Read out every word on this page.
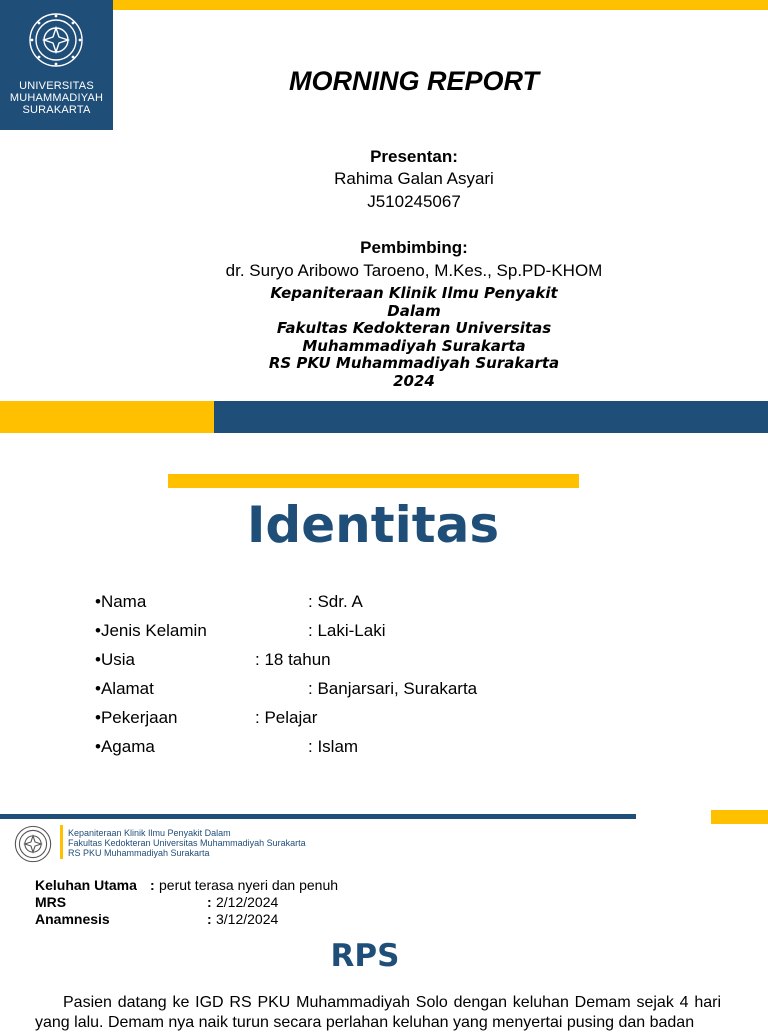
UNIVERSITAS
MUHAMMADIYAH
SURAKARTA
MORNING REPORT
Presentan:
Rahima Galan Asyari
J510245067
Pembimbing:
dr. Suryo Aribowo Taroeno, M.Kes., Sp.PD-KHOM
Kepaniteraan Klinik Ilmu Penyakit
Dalam
Fakultas Kedokteran Universitas
Muhammadiyah Surakarta
RS PKU Muhammadiyah Surakarta
2024
Identitas
•Nama	: Sdr. A
•Jenis Kelamin	: Laki-Laki
•Usia	: 18 tahun
•Alamat	: Banjarsari, Surakarta
•Pekerjaan	: Pelajar
•Agama	: Islam
Kepaniteraan Klinik Ilmu Penyakit Dalam
Fakultas Kedokteran Universitas Muhammadiyah Surakarta
RS PKU Muhammadiyah Surakarta
Keluhan Utama : perut terasa nyeri dan penuh
MRS	: 2/12/2024
Anamnesis	: 3/12/2024
RPS
Pasien datang ke IGD RS PKU Muhammadiyah Solo dengan keluhan Demam sejak 4 hari yang lalu. Demam nya naik turun secara perlahan keluhan yang menyertai pusing dan badan
